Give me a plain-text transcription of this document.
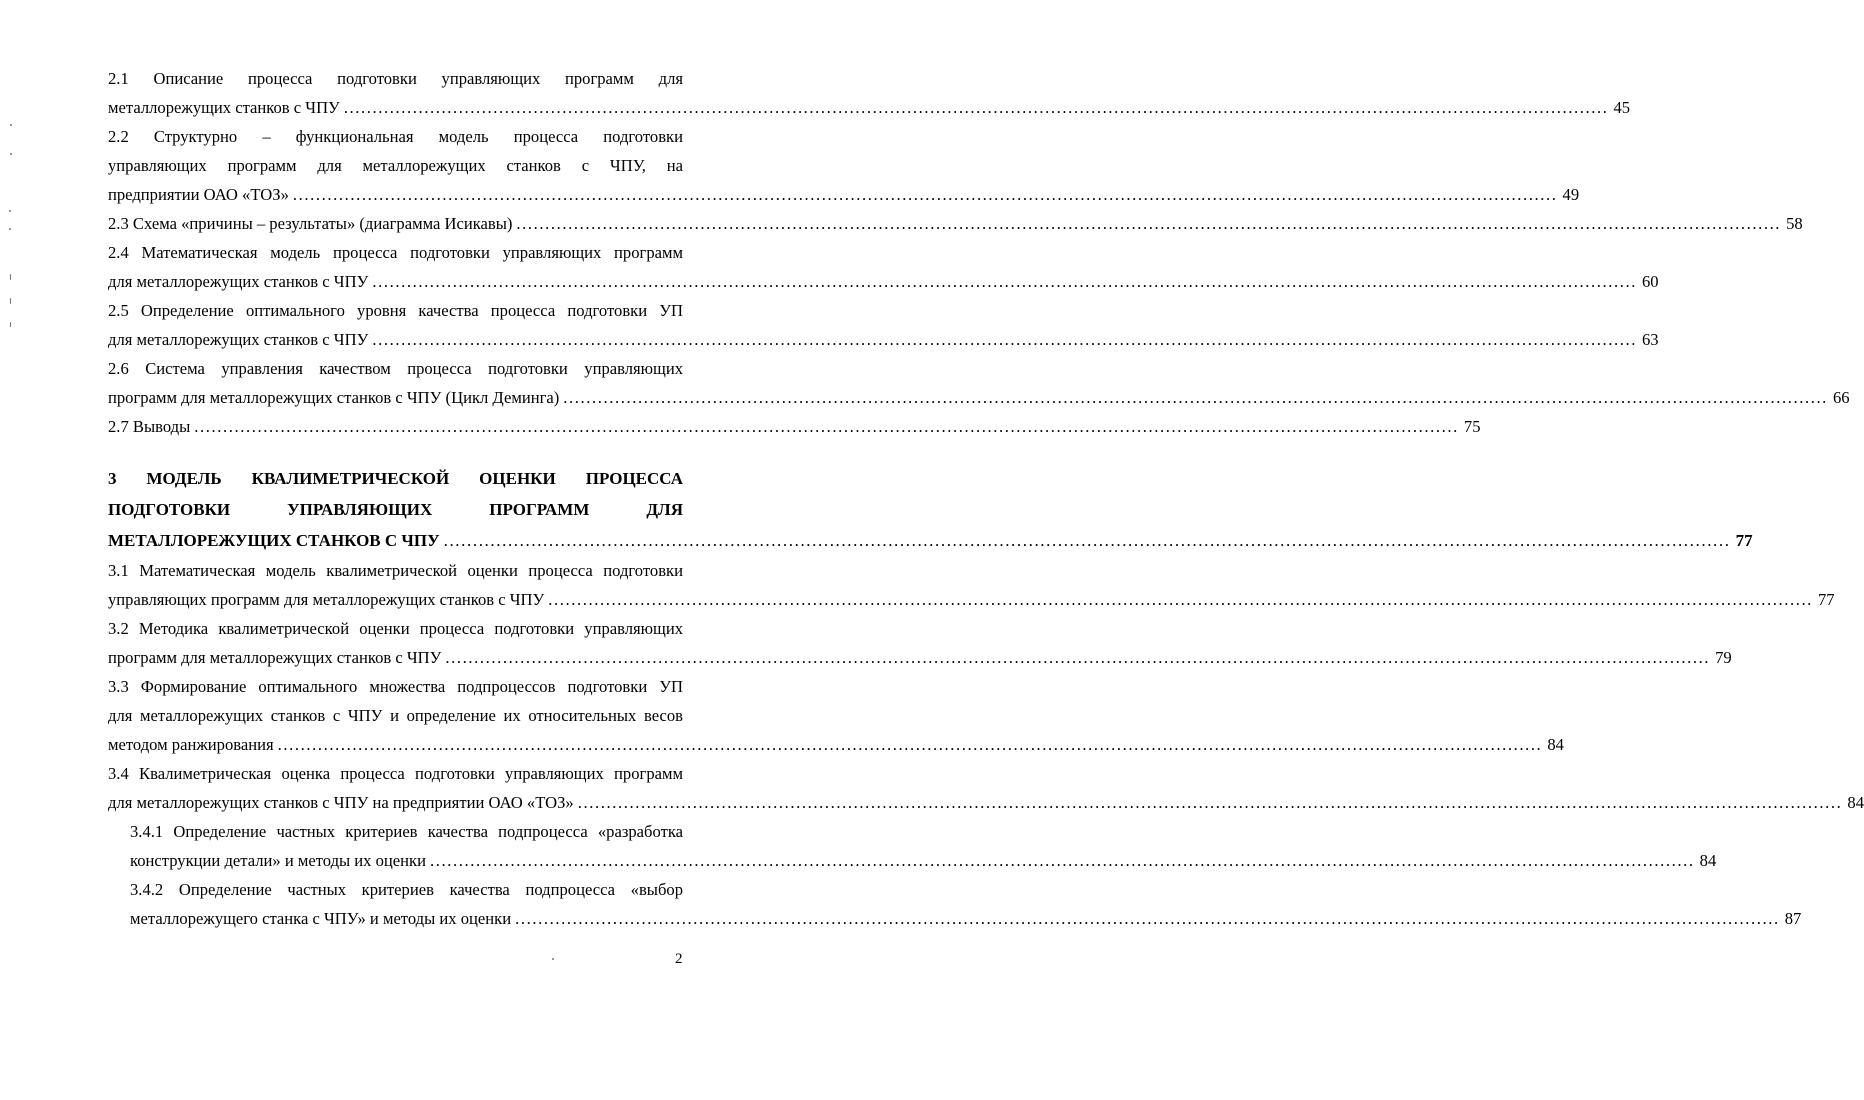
2.1 Описание процесса подготовки управляющих программ для
металлорежущих станков с ЧПУ ............................................................................................................................................................................................................................ 45
2.2 Структурно – функциональная модель процесса подготовки
управляющих программ для металлорежущих станков с ЧПУ, на
предприятии ОАО «ТОЗ» ............................................................................................................................................................................................................................ 49
2.3 Схема «причины – результаты» (диаграмма Исикавы) ............................................................................................................................................................................................................................ 58
2.4 Математическая модель процесса подготовки управляющих программ
для металлорежущих станков с ЧПУ ............................................................................................................................................................................................................................ 60
2.5 Определение оптимального уровня качества процесса подготовки УП
для металлорежущих станков с ЧПУ ............................................................................................................................................................................................................................ 63
2.6 Система управления качеством процесса подготовки управляющих
программ для металлорежущих станков с ЧПУ (Цикл Деминга) ............................................................................................................................................................................................................................ 66
2.7 Выводы ............................................................................................................................................................................................................................ 75
3 МОДЕЛЬ КВАЛИМЕТРИЧЕСКОЙ ОЦЕНКИ ПРОЦЕССА
ПОДГОТОВКИ УПРАВЛЯЮЩИХ ПРОГРАММ ДЛЯ
МЕТАЛЛОРЕЖУЩИХ СТАНКОВ С ЧПУ ............................................................................................................................................................................................................................ 77
3.1 Математическая модель квалиметрической оценки процесса подготовки
управляющих программ для металлорежущих станков с ЧПУ ............................................................................................................................................................................................................................ 77
3.2 Методика квалиметрической оценки процесса подготовки управляющих
программ для металлорежущих станков с ЧПУ ............................................................................................................................................................................................................................ 79
3.3 Формирование оптимального множества подпроцессов подготовки УП
для металлорежущих станков с ЧПУ и определение их относительных весов
методом ранжирования ............................................................................................................................................................................................................................ 84
3.4 Квалиметрическая оценка процесса подготовки управляющих программ
для металлорежущих станков с ЧПУ на предприятии ОАО «ТОЗ» ............................................................................................................................................................................................................................ 84
3.4.1 Определение частных критериев качества подпроцесса «разработка
конструкции детали» и методы их оценки ............................................................................................................................................................................................................................ 84
3.4.2 Определение частных критериев качества подпроцесса «выбор
металлорежущего станка с ЧПУ» и методы их оценки ............................................................................................................................................................................................................................ 87
2
